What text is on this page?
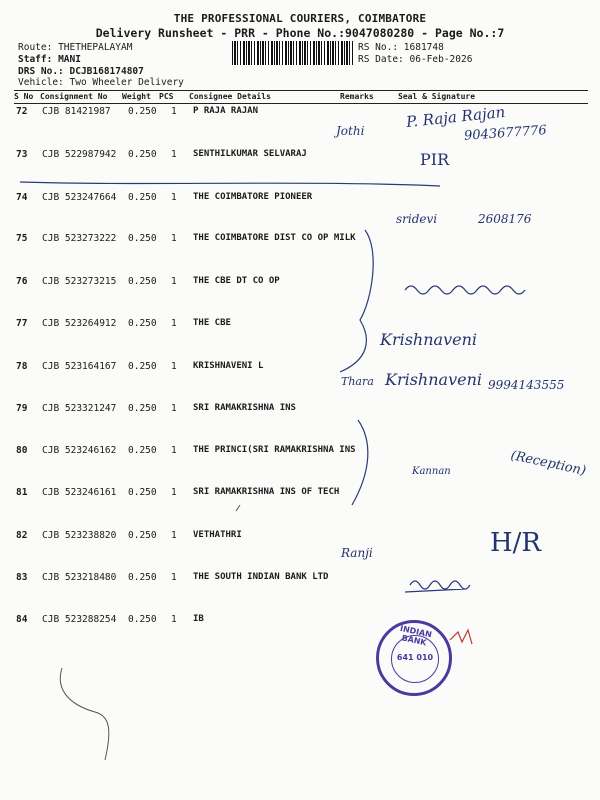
THE PROFESSIONAL COURIERS, COIMBATORE
Delivery Runsheet - PRR - Phone No.:9047080280 - Page No.:7
Route: THETHEPALAYAM
Staff: MANI
DRS No.: DCJB168174807
Vehicle: Two Wheeler Delivery
RS No.: 1681748
RS Date: 06-Feb-2026
S No Consignment No Weight PCS Consignee Details	Remarks	Seal & Signature
72 CJB 81421987 0.250 1 P RAJA RAJAN
73 CJB 522987942 0.250 1 SENTHILKUMAR SELVARAJ
74 CJB 523247664 0.250 1 THE COIMBATORE PIONEER
75 CJB 523273222 0.250 1 THE COIMBATORE DIST CO OP MILK
76 CJB 523273215 0.250 1 THE CBE DT CO OP
77 CJB 523264912 0.250 1 THE CBE
78 CJB 523164167 0.250 1 KRISHNAVENI L
79 CJB 523321247 0.250 1 SRI RAMAKRISHNA INS
80 CJB 523246162 0.250 1 THE PRINCI(SRI RAMAKRISHNA INS
81 CJB 523246161 0.250 1 SRI RAMAKRISHNA INS OF TECH
82 CJB 523238820 0.250 1 VETHATHRI
83 CJB 523218480 0.250 1 THE SOUTH INDIAN BANK LTD
84 CJB 523288254 0.250 1 IB
Jothi	P. Raja Rajan
9043677776
PIR
sridevi	2608176
Krishnaveni
Thara Krishnaveni 9994143555
Kannan	(Reception)
Ranji	H/R
INDIAN BANK
641 010
